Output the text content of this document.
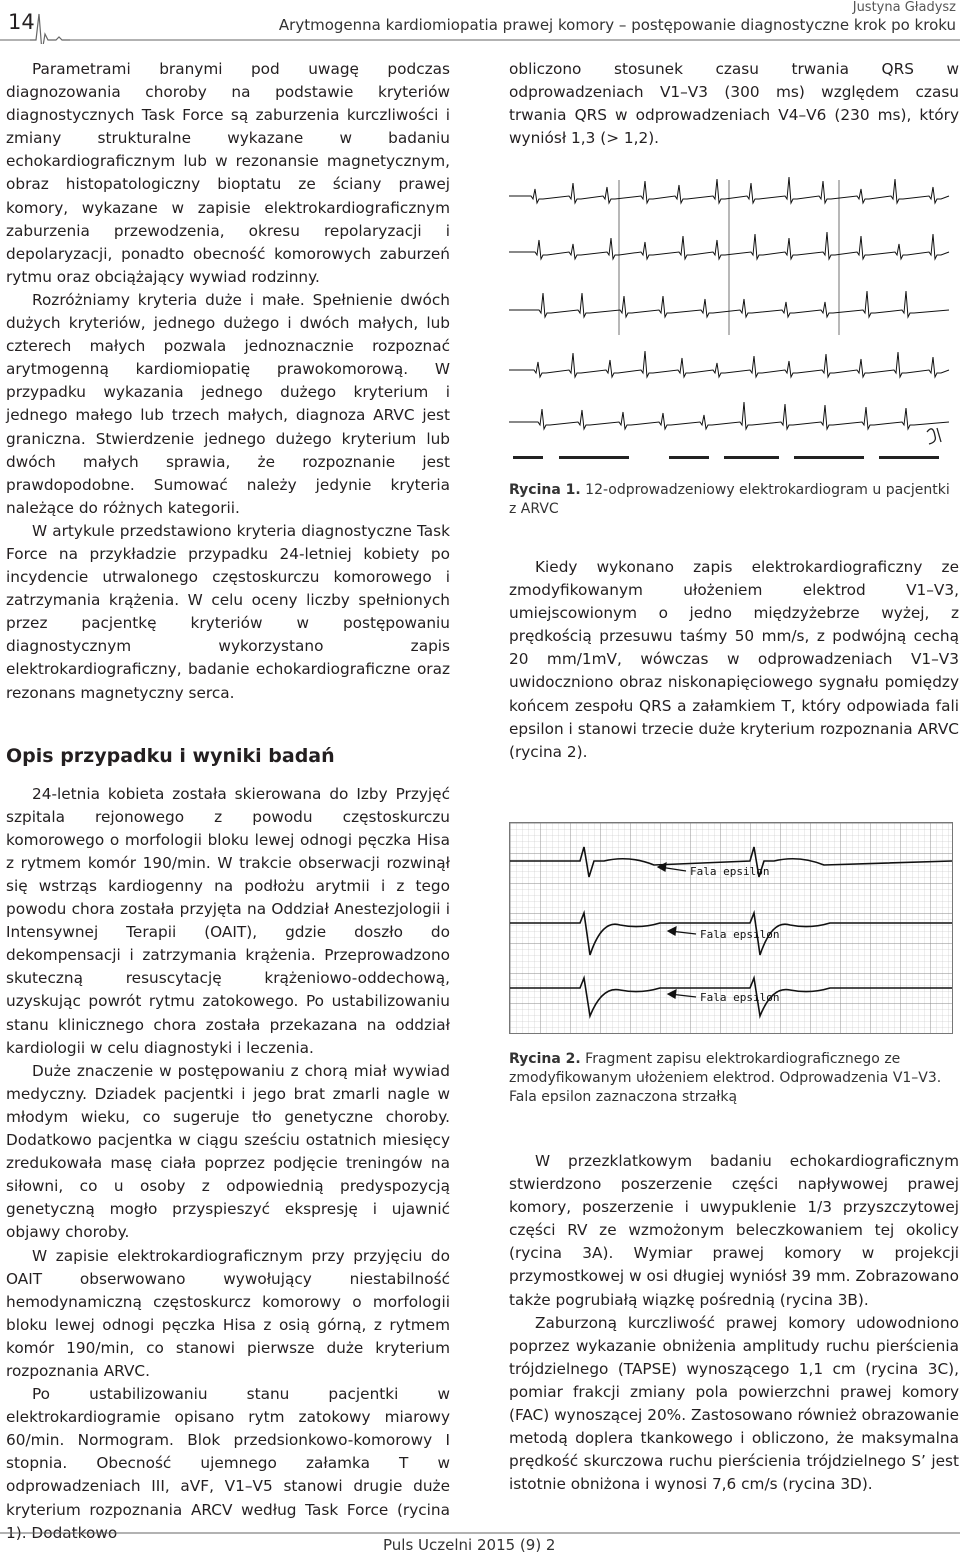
14
Justyna Gładysz
Arytmogenna kardiomiopatia prawej komory – postępowanie diagnostyczne krok po kroku

Parametrami branymi pod uwagę podczas diagnozowania choroby na podstawie kryteriów diagnostycznych Task Force są zaburzenia kurczliwości i zmiany strukturalne wykazane w badaniu echokardiograficznym lub w rezonansie magnetycznym, obraz histopatologiczny bioptatu ze ściany prawej komory, wykazane w zapisie elektrokardiograficznym zaburzenia przewodzenia, okresu repolaryzacji i depolaryzacji, ponadto obecność komorowych zaburzeń rytmu oraz obciążający wywiad rodzinny.

Rozróżniamy kryteria duże i małe. Spełnienie dwóch dużych kryteriów, jednego dużego i dwóch małych, lub czterech małych pozwala jednoznacznie rozpoznać arytmogenną kardiomiopatię prawokomorową. W przypadku wykazania jednego dużego kryterium i jednego małego lub trzech małych, diagnoza ARVC jest graniczna. Stwierdzenie jednego dużego kryterium lub dwóch małych sprawia, że rozpoznanie jest prawdopodobne. Sumować należy jedynie kryteria należące do różnych kategorii.

W artykule przedstawiono kryteria diagnostyczne Task Force na przykładzie przypadku 24-letniej kobiety po incydencie utrwalonego częstoskurczu komorowego i zatrzymania krążenia. W celu oceny liczby spełnionych przez pacjentkę kryteriów w postępowaniu diagnostycznym wykorzystano zapis elektrokardiograficzny, badanie echokardiograficzne oraz rezonans magnetyczny serca.

Opis przypadku i wyniki badań

24-letnia kobieta została skierowana do Izby Przyjęć szpitala rejonowego z powodu częstoskurczu komorowego o morfologii bloku lewej odnogi pęczka Hisa z rytmem komór 190/min. W trakcie obserwacji rozwinął się wstrząs kardiogenny na podłożu arytmii i z tego powodu chora została przyjęta na Oddział Anestezjologii i Intensywnej Terapii (OAIT), gdzie doszło do dekompensacji i zatrzymania krążenia. Przeprowadzono skuteczną resuscytację krążeniowo-oddechową, uzyskując powrót rytmu zatokowego. Po ustabilizowaniu stanu klinicznego chora została przekazana na oddział kardiologii w celu diagnostyki i leczenia.

Duże znaczenie w postępowaniu z chorą miał wywiad medyczny. Dziadek pacjentki i jego brat zmarli nagle w młodym wieku, co sugeruje tło genetyczne choroby. Dodatkowo pacjentka w ciągu sześciu ostatnich miesięcy zredukowała masę ciała poprzez podjęcie treningów na siłowni, co u osoby z odpowiednią predyspozycją genetyczną mogło przyspieszyć ekspresję i ujawnić objawy choroby.

W zapisie elektrokardiograficznym przy przyjęciu do OAIT obserwowano wywołujący niestabilność hemodynamiczną częstoskurcz komorowy o morfologii bloku lewej odnogi pęczka Hisa z osią górną, z rytmem komór 190/min, co stanowi pierwsze duże kryterium rozpoznania ARVC.

Po ustabilizowaniu stanu pacjentki w elektrokardiogramie opisano rytm zatokowy miarowy 60/min. Normogram. Blok przedsionkowo-komorowy I stopnia. Obecność ujemnego załamka T w odprowadzeniach III, aVF, V1–V5 stanowi drugie duże kryterium rozpoznania ARCV według Task Force (rycina 1). Dodatkowo

obliczono stosunek czasu trwania QRS w odprowadzeniach V1–V3 (300 ms) względem czasu trwania QRS w odprowadzeniach V4–V6 (230 ms), który wyniósł 1,3 (> 1,2).

Rycina 1. 12-odprowadzeniowy elektrokardiogram u pacjentki z ARVC

Kiedy wykonano zapis elektrokardiograficzny ze zmodyfikowanym ułożeniem elektrod V1–V3, umiejscowionym o jedno międzyżebrze wyżej, z prędkością przesuwu taśmy 50 mm/s, z podwójną cechą 20 mm/1mV, wówczas w odprowadzeniach V1–V3 uwidoczniono obraz niskonapięciowego sygnału pomiędzy końcem zespołu QRS a załamkiem T, który odpowiada fali epsilon i stanowi trzecie duże kryterium rozpoznania ARVC (rycina 2).

Fala epsilon
Fala epsilon
Fala epsilon
Rycina 2. Fragment zapisu elektrokardiograficznego ze zmodyfikowanym ułożeniem elektrod. Odprowadzenia V1–V3. Fala epsilon zaznaczona strzałką

W przezklatkowym badaniu echokardiograficznym stwierdzono poszerzenie części napływowej prawej komory, poszerzenie i uwypuklenie 1/3 przyszczytowej części RV ze wzmożonym beleczkowaniem tej okolicy (rycina 3A). Wymiar prawej komory w projekcji przymostkowej w osi długiej wyniósł 39 mm. Zobrazowano także pogrubiałą wiązkę pośrednią (rycina 3B).

Zaburzoną kurczliwość prawej komory udowodniono poprzez wykazanie obniżenia amplitudy ruchu pierścienia trójdzielnego (TAPSE) wynoszącego 1,1 cm (rycina 3C), pomiar frakcji zmiany pola powierzchni prawej komory (FAC) wynoszącej 20%. Zastosowano również obrazowanie metodą doplera tkankowego i obliczono, że maksymalna prędkość skurczowa ruchu pierścienia trójdzielnego S’ jest istotnie obniżona i wynosi 7,6 cm/s (rycina 3D).

Puls Uczelni 2015 (9) 2
